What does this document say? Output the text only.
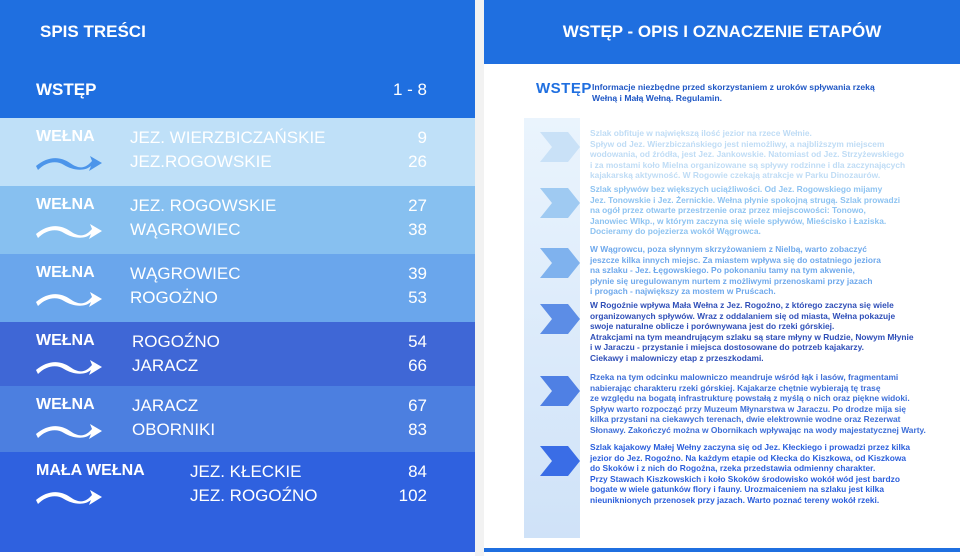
SPIS TREŚCI
WSTĘP	1 - 8
WEŁNA JEZ. WIERZBICZAŃSKIE
JEZ.ROGOWSKIE
9
26
WEŁNA JEZ. ROGOWSKIE
WĄGROWIEC
27
38
WEŁNA WĄGROWIEC
ROGOŻNO
39
53
WEŁNA ROGOŹNO
JARACZ
54
66
WEŁNA JARACZ
OBORNIKI
67
83
MAŁA WEŁNA	JEZ. KŁECKIE
JEZ. ROGOŹNO
84
102
WSTĘP - OPIS I OZNACZENIE ETAPÓW
WSTĘP Informacje niezbędne przed skorzystaniem z uroków spływania rzeką Wełną i Małą Wełną. Regulamin.

Szlak obfituje w największą ilość jezior na rzece Wełnie.
Spływ od Jez. Wierzbiczańskiego jest niemożliwy, a najbliższym miejscem
wodowania, od źródła, jest Jez. Jankowskie. Natomiast od Jez. Strzyżewskiego
i za mostami koło Mielna organizowane są spływy rodzinne i dla zaczynających
kajakarską aktywność. W Rogowie czekają atrakcje w Parku Dinozaurów.

Szlak spływów bez większych uciążliwości. Od Jez. Rogowskiego mijamy
Jez. Tonowskie i Jez. Żernickie. Wełna płynie spokojną strugą. Szlak prowadzi
na ogół przez otwarte przestrzenie oraz przez miejscowości: Tonowo,
Janowiec Wlkp., w którym zaczyna się wiele spływów, Mieścisko i Łaziska.
Docieramy do pojezierza wokół Wągrowca.

W Wągrowcu, poza słynnym skrzyżowaniem z Nielbą, warto zobaczyć
jeszcze kilka innych miejsc. Za miastem wpływa się do ostatniego jeziora
na szlaku - Jez. Łęgowskiego. Po pokonaniu tamy na tym akwenie,
płynie się uregulowanym nurtem z możliwymi przenoskami przy jazach
i progach - największy za mostem w Pruścach.

W Rogoźnie wpływa Mała Wełna z Jez. Rogoźno, z którego zaczyna się wiele
organizowanych spływów. Wraz z oddalaniem się od miasta, Wełna pokazuje
swoje naturalne oblicze i porównywana jest do rzeki górskiej.
Atrakcjami na tym meandrującym szlaku są stare młyny w Rudzie, Nowym Młynie
i w Jaraczu - przystanie i miejsca dostosowane do potrzeb kajakarzy.
Ciekawy i malowniczy etap z przeszkodami.

Rzeka na tym odcinku malowniczo meandruje wśród łąk i lasów, fragmentami
nabierając charakteru rzeki górskiej. Kajakarze chętnie wybierają tę trasę
ze względu na bogatą infrastrukturę powstałą z myślą o nich oraz piękne widoki.
Spływ warto rozpocząć przy Muzeum Młynarstwa w Jaraczu. Po drodze mija się
kilka przystani na ciekawych terenach, dwie elektrownie wodne oraz Rezerwat
Słonawy. Zakończyć można w Obornikach wpływając na wody majestatycznej Warty.

Szlak kajakowy Małej Wełny zaczyna się od Jez. Kłeckiego i prowadzi przez kilka
jezior do Jez. Rogoźno. Na każdym etapie od Kłecka do Kiszkowa, od Kiszkowa
do Skoków i z nich do Rogoźna, rzeka przedstawia odmienny charakter.
Przy Stawach Kiszkowskich i koło Skoków środowisko wokół wód jest bardzo
bogate w wiele gatunków flory i fauny. Urozmaiceniem na szlaku jest kilka
nieuniknionych przenosek przy jazach. Warto poznać tereny wokół rzeki.
